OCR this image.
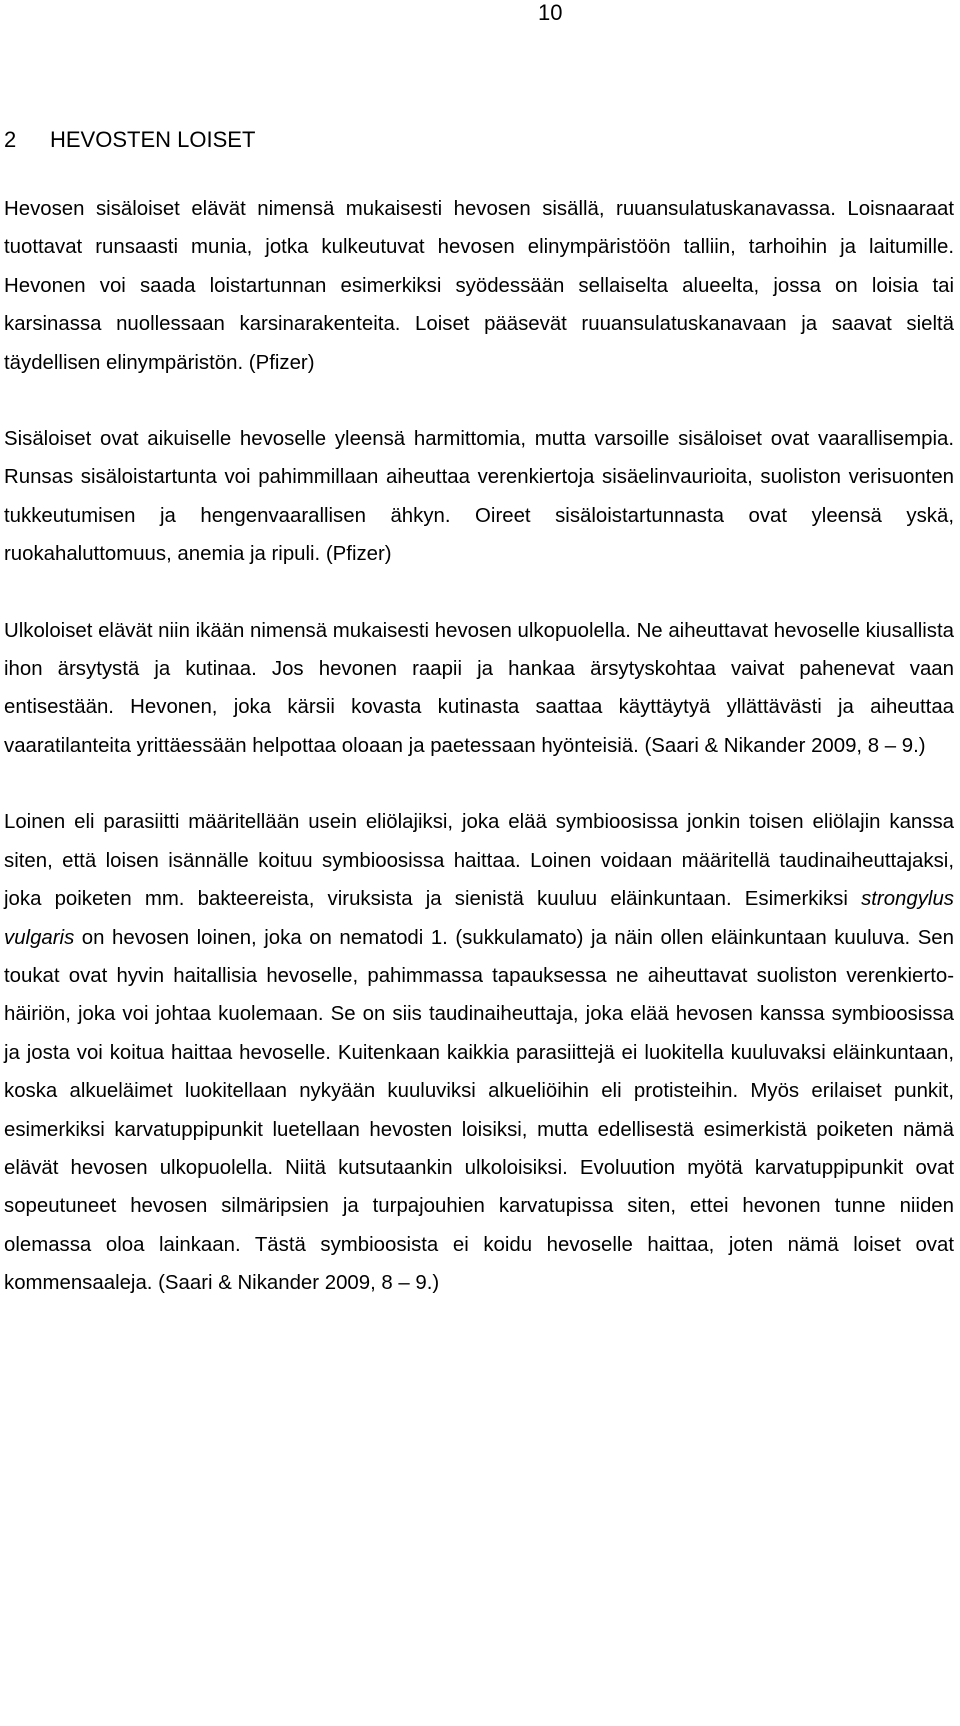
10
2 HEVOSTEN LOISET

Hevosen sisäloiset elävät nimensä mukaisesti hevosen sisällä, ruuansulatuskanavassa. Loisnaaraat tuottavat runsaasti munia, jotka kulkeutuvat hevosen elinympäristöön talliin, tarhoihin ja laitumille. Hevonen voi saada loistartunnan esimerkiksi syödessään sellaiselta alueelta, jossa on loisia tai karsinassa nuollessaan karsinarakenteita. Loiset pääsevät ruuansulatuskanavaan ja saavat sieltä täydellisen elinympäristön. (Pfizer)

Sisäloiset ovat aikuiselle hevoselle yleensä harmittomia, mutta varsoille sisäloiset ovat vaarallisempia. Runsas sisäloistartunta voi pahimmillaan aiheuttaa verenkiertoja sisäelinvaurioita, suoliston verisuonten tukkeutumisen ja hengenvaarallisen ähkyn. Oireet sisäloistartunnasta ovat yleensä yskä, ruokahaluttomuus, anemia ja ripuli. (Pfizer)

Ulkoloiset elävät niin ikään nimensä mukaisesti hevosen ulkopuolella. Ne aiheuttavat hevoselle kiusallista ihon ärsytystä ja kutinaa. Jos hevonen raapii ja hankaa ärsytyskohtaa vaivat pahenevat vaan entisestään. Hevonen, joka kärsii kovasta kutinasta saattaa käyttäytyä yllättävästi ja aiheuttaa vaaratilanteita yrittäessään helpottaa oloaan ja paetessaan hyönteisiä. (Saari & Nikander 2009, 8 – 9.)

Loinen eli parasiitti määritellään usein eliölajiksi, joka elää symbioosissa jonkin toisen eliölajin kanssa siten, että loisen isännälle koituu symbioosissa haittaa. Loinen voidaan määritellä taudinaiheuttajaksi, joka poiketen mm. bakteereista, viruksista ja sienistä kuuluu eläinkuntaan. Esimerkiksi strongylus vulgaris on hevosen loinen, joka on nematodi 1. (sukkulamato) ja näin ollen eläinkuntaan kuuluva. Sen toukat ovat hyvin haitallisia hevoselle, pahimmassa tapauksessa ne aiheuttavat suoliston verenkiertohäiriön, joka voi johtaa kuolemaan. Se on siis taudinaiheuttaja, joka elää hevosen kanssa symbioosissa ja josta voi koitua haittaa hevoselle. Kuitenkaan kaikkia parasiittejä ei luokitella kuuluvaksi eläinkuntaan, koska alkueläimet luokitellaan nykyään kuuluviksi alkueliöihin eli protisteihin. Myös erilaiset punkit, esimerkiksi karvatuppipunkit luetellaan hevosten loisiksi, mutta edellisestä esimerkistä poiketen nämä elävät hevosen ulkopuolella. Niitä kutsutaankin ulkoloisiksi. Evoluution myötä karvatuppipunkit ovat sopeutuneet hevosen silmäripsien ja turpajouhien karvatupissa siten, ettei hevonen tunne niiden olemassa oloa lainkaan. Tästä symbioosista ei koidu hevoselle haittaa, joten nämä loiset ovat kommensaaleja. (Saari & Nikander 2009, 8 – 9.)
